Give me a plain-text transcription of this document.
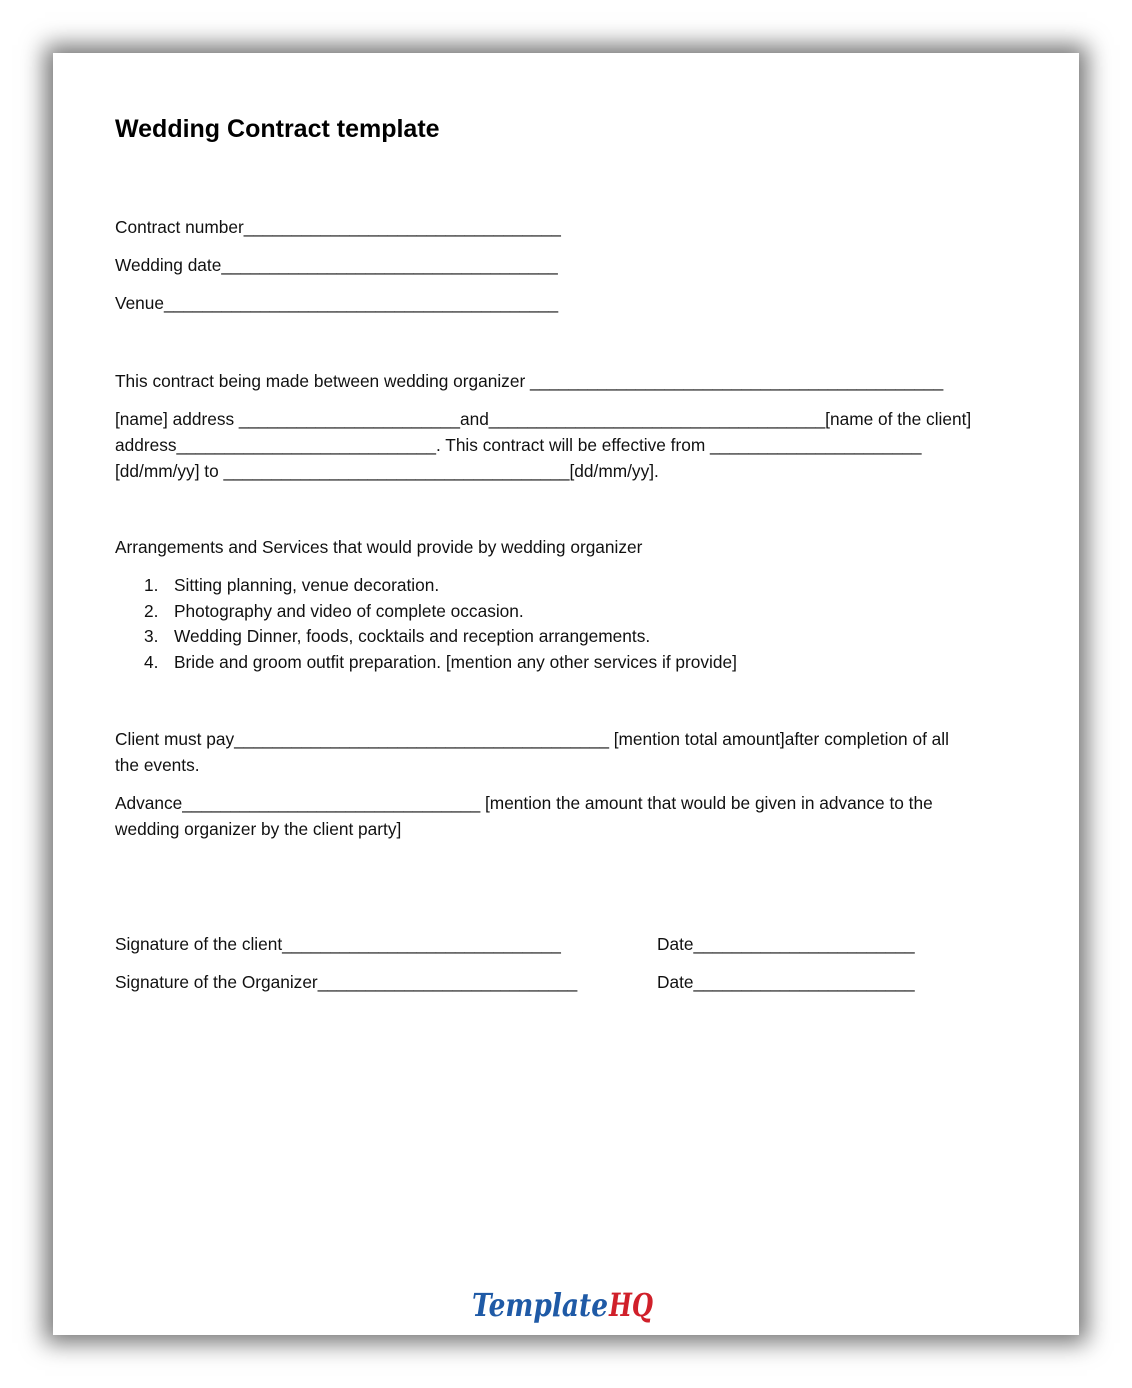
Wedding Contract template
Contract number_________________________________
Wedding date___________________________________
Venue_________________________________________
This contract being made between wedding organizer ___________________________________________
[name] address _______________________and___________________________________[name of the client]
address___________________________. This contract will be effective from ______________________
[dd/mm/yy] to ____________________________________[dd/mm/yy].
Arrangements and Services that would provide by wedding organizer
1. Sitting planning, venue decoration.
2. Photography and video of complete occasion.
3. Wedding Dinner, foods, cocktails and reception arrangements.
4. Bride and groom outfit preparation. [mention any other services if provide]
Client must pay_______________________________________ [mention total amount]after completion of all
the events.
Advance_______________________________ [mention the amount that would be given in advance to the
wedding organizer by the client party]
Signature of the client_____________________________	Date_______________________
Signature of the Organizer___________________________	Date_______________________
Template HQ
